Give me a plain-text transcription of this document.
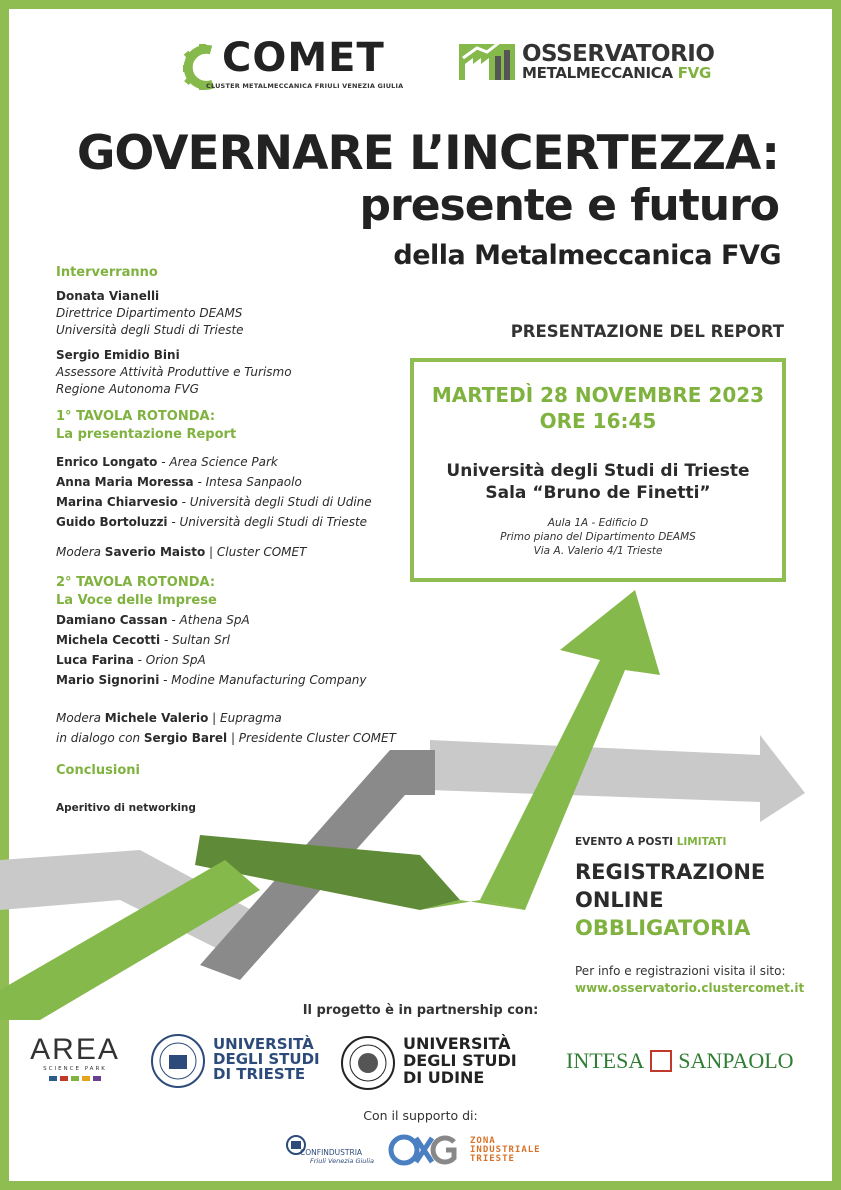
COMET
CLUSTER METALMECCANICA FRIULI VENEZIA GIULIA
OSSERVATORIO
METALMECCANICA FVG
GOVERNARE L’INCERTEZZA:
presente e futuro
della Metalmeccanica FVG
Interverranno
Donata Vianelli
Direttrice Dipartimento DEAMS
Università degli Studi di Trieste
Sergio Emidio Bini
Assessore Attività Produttive e Turismo
Regione Autonoma FVG
1° TAVOLA ROTONDA:
La presentazione Report
Enrico Longato - Area Science Park
Anna Maria Moressa - Intesa Sanpaolo
Marina Chiarvesio - Università degli Studi di Udine
Guido Bortoluzzi - Università degli Studi di Trieste
Modera Saverio Maisto | Cluster COMET
2° TAVOLA ROTONDA:
La Voce delle Imprese
Damiano Cassan - Athena SpA
Michela Cecotti - Sultan Srl
Luca Farina - Orion SpA
Mario Signorini - Modine Manufacturing Company
Modera Michele Valerio | Eupragma
in dialogo con Sergio Barel | Presidente Cluster COMET
Conclusioni
Aperitivo di networking
PRESENTAZIONE DEL REPORT
MARTEDÌ 28 NOVEMBRE 2023
ORE 16:45
Università degli Studi di Trieste
Sala “Bruno de Finetti”
Aula 1A - Edificio D
Primo piano del Dipartimento DEAMS
Via A. Valerio 4/1 Trieste
EVENTO A POSTI LIMITATI
REGISTRAZIONE
ONLINE
OBBLIGATORIA
Per info e registrazioni visita il sito:
www.osservatorio.clustercomet.it
Il progetto è in partnership con:
AREA
SCIENCE PARK
UNIVERSITÀ
DEGLI STUDI
DI TRIESTE
UNIVERSITÀ
DEGLI STUDI
DI UDINE
INTESA SANPAOLO
Con il supporto di:
CONFINDUSTRIA
Friuli Venezia Giulia
ZONA
INDUSTRIALE
TRIESTE
